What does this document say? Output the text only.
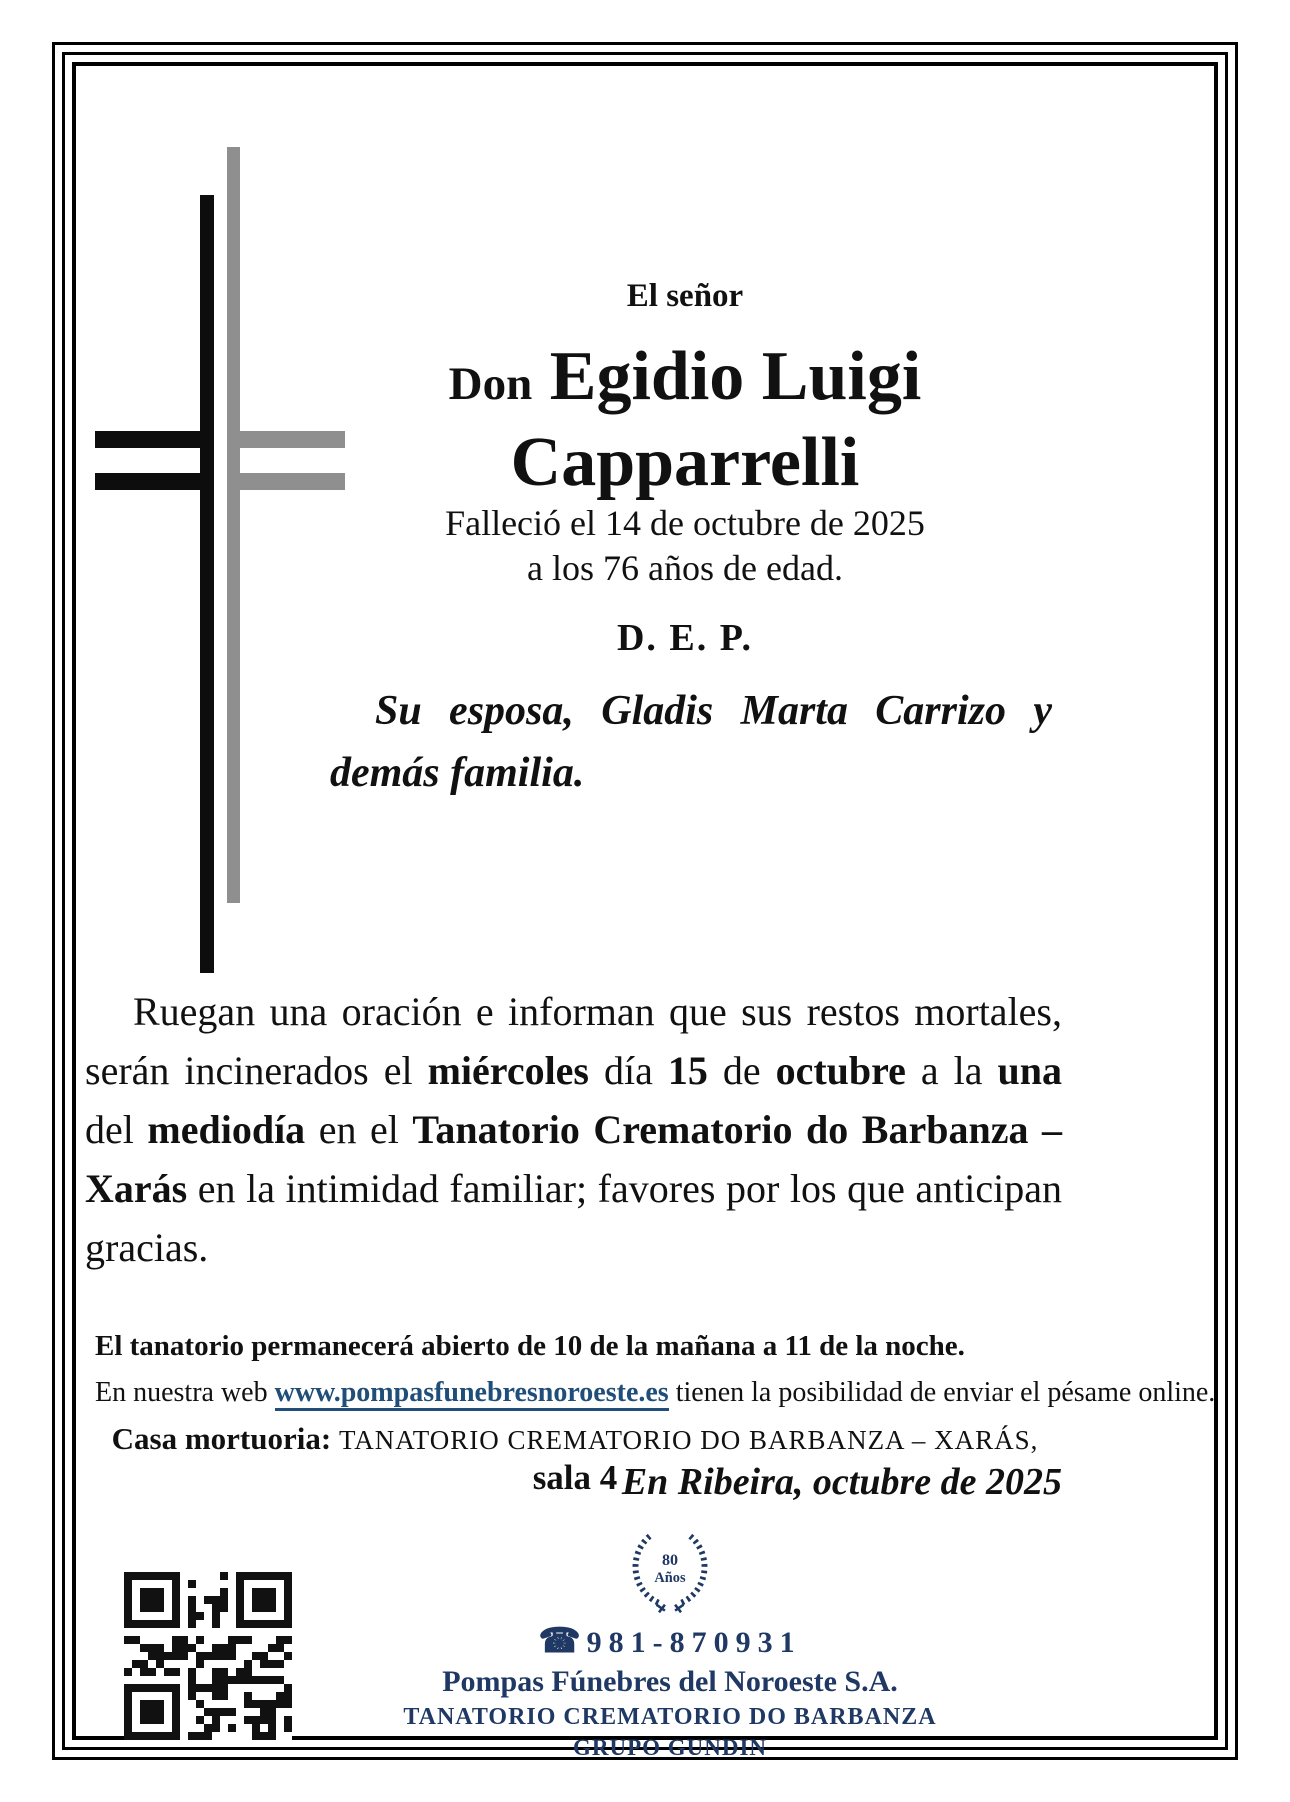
El señor
Don Egidio Luigi
Capparrelli
Falleció el 14 de octubre de 2025
a los 76 años de edad.
D. E. P.
Su esposa, Gladis Marta Carrizo y demás familia.
Ruegan una oración e informan que sus restos mortales, serán incinerados el miércoles día 15 de octubre a la una del mediodía en el Tanatorio Crematorio do Barbanza – Xarás en la intimidad familiar; favores por los que anticipan gracias.
El tanatorio permanecerá abierto de 10 de la mañana a 11 de la noche.
En nuestra web www.pompasfunebresnoroeste.es tienen la posibilidad de enviar el pésame online.
Casa mortuoria: TANATORIO CREMATORIO DO BARBANZA – XARÁS, sala 4 En Ribeira, octubre de 2025
80
Años
☎ 981-870931
Pompas Fúnebres del Noroeste S.A.
TANATORIO CREMATORIO DO BARBANZA
GRUPO GUNDIN
